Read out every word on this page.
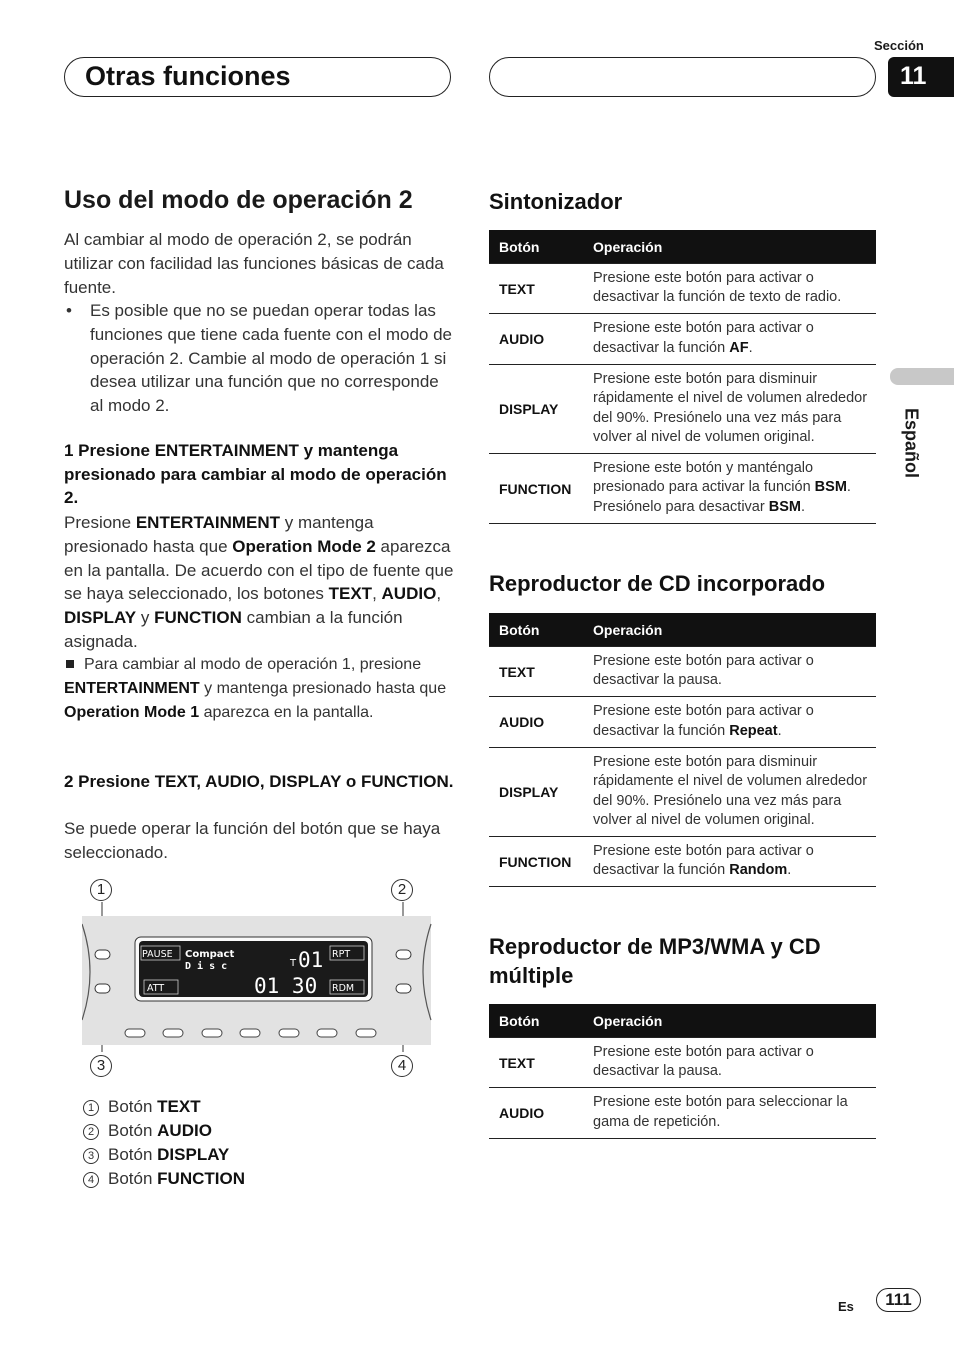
Otras funciones
Sección
11
Español
Uso del modo de operación 2
Al cambiar al modo de operación 2, se podrán utilizar con facilidad las funciones básicas de cada fuente.
• Es posible que no se puedan operar todas las funciones que tiene cada fuente con el modo de operación 2. Cambie al modo de operación 1 si desea utilizar una función que no corresponde al modo 2.
1 Presione ENTERTAINMENT y mantenga presionado para cambiar al modo de operación 2.
Presione ENTERTAINMENT y mantenga presionado hasta que Operation Mode 2 aparezca en la pantalla. De acuerdo con el tipo de fuente que se haya seleccionado, los botones TEXT, AUDIO, DISPLAY y FUNCTION cambian a la función asignada.
Para cambiar al modo de operación 1, presione ENTERTAINMENT y mantenga presionado hasta que Operation Mode 1 aparezca en la pantalla.
2 Presione TEXT, AUDIO, DISPLAY o FUNCTION.
Se puede operar la función del botón que se haya seleccionado.
1	2
3	4
PAUSE Compact
D i s c
RPT
ATT	RDM
T 01
01 30
1 Botón TEXT
2 Botón AUDIO
3 Botón DISPLAY
4 Botón FUNCTION
Sintonizador
Botón	Operación
TEXT
Presione este botón para activar o desactivar la función de texto de radio.
AUDIO
Presione este botón para activar o desactivar la función AF.
DISPLAY
Presione este botón para disminuir rápidamente el nivel de volumen alrededor del 90%. Presiónelo una vez más para volver al nivel de volumen original.
FUNCTION
Presione este botón y manténgalo presionado para activar la función BSM. Presiónelo para desactivar BSM.
Reproductor de CD incorporado
Botón	Operación
TEXT
Presione este botón para activar o desactivar la pausa.
AUDIO
Presione este botón para activar o desactivar la función Repeat.
DISPLAY
Presione este botón para disminuir rápidamente el nivel de volumen alrededor del 90%. Presiónelo una vez más para volver al nivel de volumen original.
FUNCTION
Presione este botón para activar o desactivar la función Random.
Reproductor de MP3/WMA y CD múltiple
Botón	Operación
TEXT
Presione este botón para activar o desactivar la pausa.
AUDIO
Presione este botón para seleccionar la gama de repetición.
Es	111
